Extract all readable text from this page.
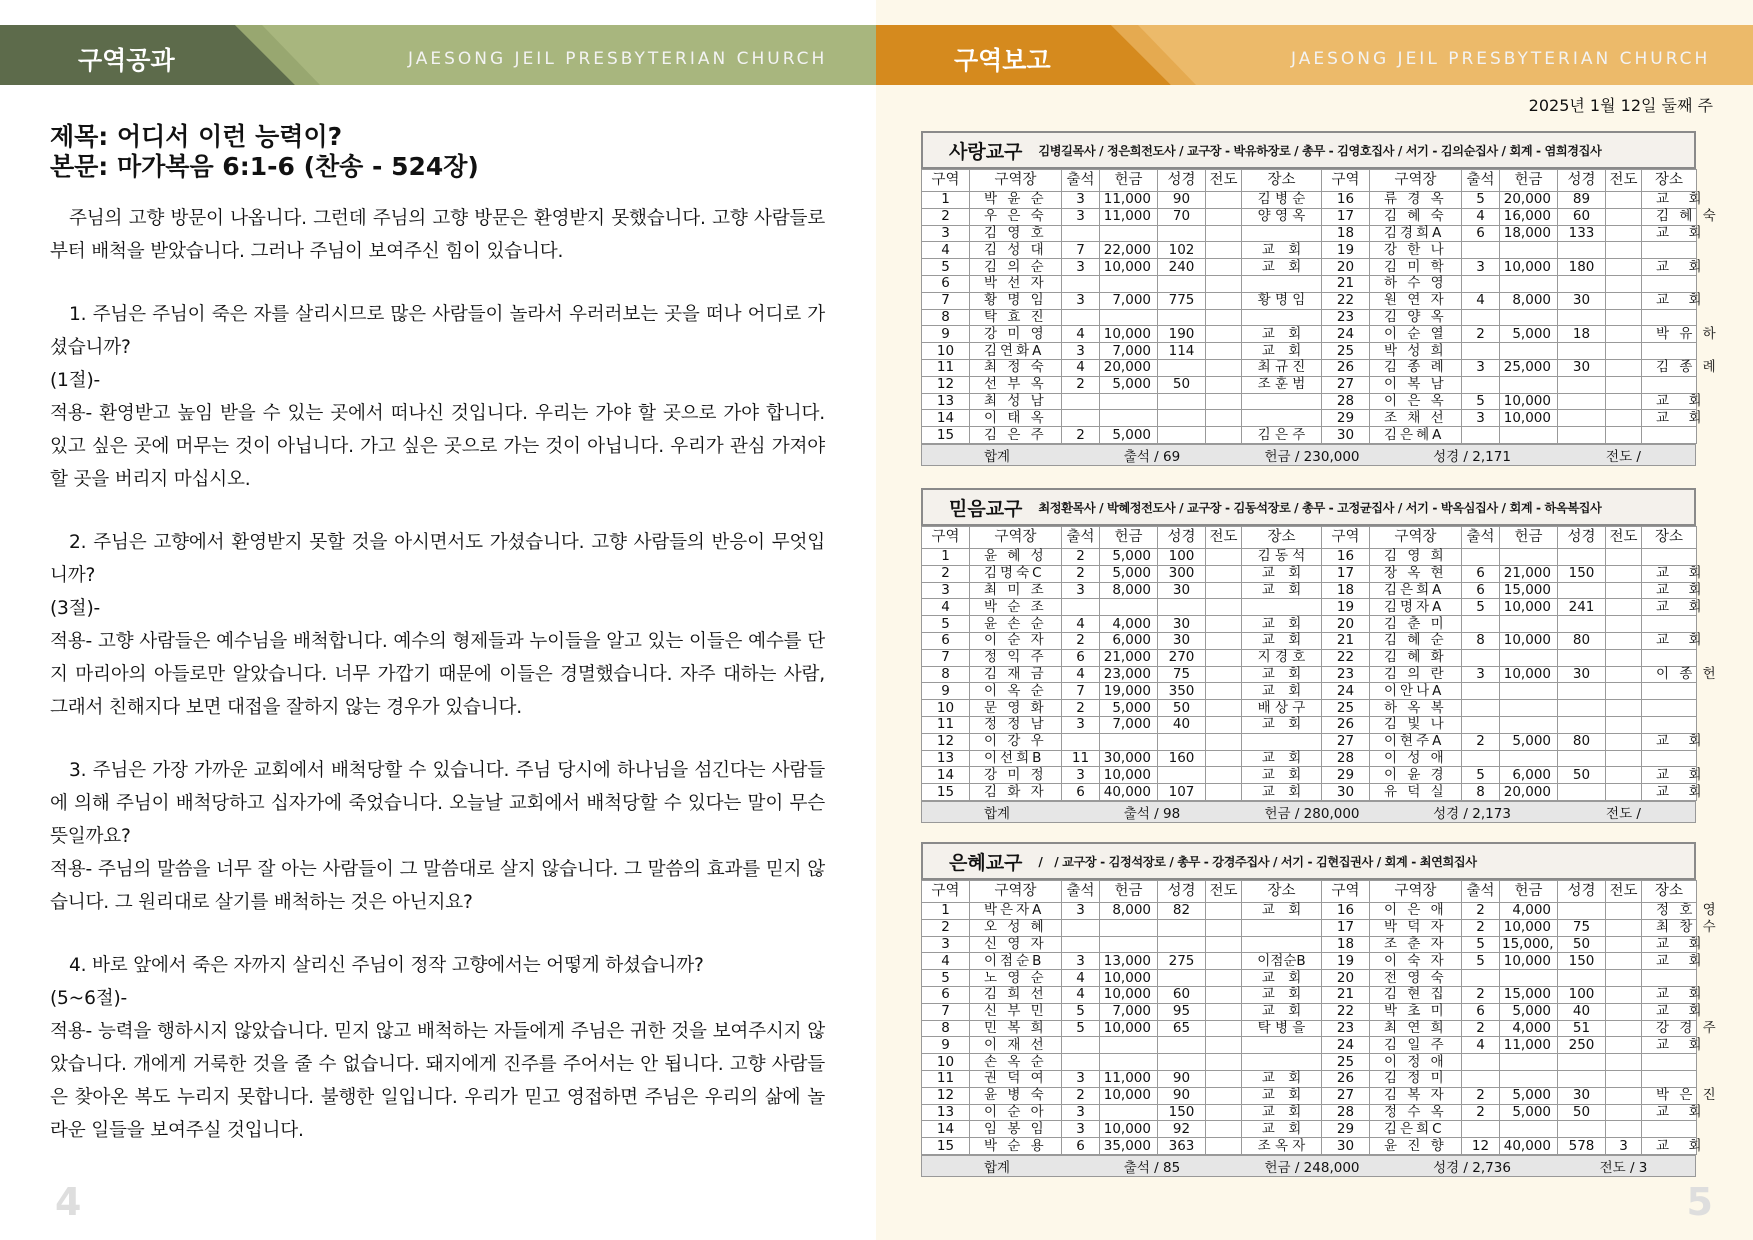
구역공과	JAESONG JEIL PRESBYTERIAN CHURCH
제목: 어디서 이런 능력이?
본문: 마가복음 6:1-6 (찬송 - 524장)

주님의 고향 방문이 나옵니다. 그런데 주님의 고향 방문은 환영받지 못했습니다. 고향 사람들로부터 배척을 받았습니다. 그러나 주님이 보여주신 힘이 있습니다.

1. 주님은 주님이 죽은 자를 살리시므로 많은 사람들이 놀라서 우러러보는 곳을 떠나 어디로 가셨습니까?

(1절)-

적용- 환영받고 높임 받을 수 있는 곳에서 떠나신 것입니다. 우리는 가야 할 곳으로 가야 합니다. 있고 싶은 곳에 머무는 것이 아닙니다. 가고 싶은 곳으로 가는 것이 아닙니다. 우리가 관심 가져야 할 곳을 버리지 마십시오.

2. 주님은 고향에서 환영받지 못할 것을 아시면서도 가셨습니다. 고향 사람들의 반응이 무엇입니까?

(3절)-

적용- 고향 사람들은 예수님을 배척합니다. 예수의 형제들과 누이들을 알고 있는 이들은 예수를 단지 마리아의 아들로만 알았습니다. 너무 가깝기 때문에 이들은 경멸했습니다. 자주 대하는 사람, 그래서 친해지다 보면 대접을 잘하지 않는 경우가 있습니다.

3. 주님은 가장 가까운 교회에서 배척당할 수 있습니다. 주님 당시에 하나님을 섬긴다는 사람들에 의해 주님이 배척당하고 십자가에 죽었습니다. 오늘날 교회에서 배척당할 수 있다는 말이 무슨 뜻일까요?

적용- 주님의 말씀을 너무 잘 아는 사람들이 그 말씀대로 살지 않습니다. 그 말씀의 효과를 믿지 않습니다. 그 원리대로 살기를 배척하는 것은 아닌지요?

4. 바로 앞에서 죽은 자까지 살리신 주님이 정작 고향에서는 어떻게 하셨습니까?

(5~6절)-

적용- 능력을 행하시지 않았습니다. 믿지 않고 배척하는 자들에게 주님은 귀한 것을 보여주시지 않았습니다. 개에게 거룩한 것을 줄 수 없습니다. 돼지에게 진주를 주어서는 안 됩니다. 고향 사람들은 찾아온 복도 누리지 못합니다. 불행한 일입니다. 우리가 믿고 영접하면 주님은 우리의 삶에 놀라운 일들을 보여주실 것입니다.

4
구역보고	JAESONG JEIL PRESBYTERIAN CHURCH
2025년 1월 12일 둘째 주
사랑교구 김병길목사 / 정은희전도사 / 교구장 - 박유하장로 / 총무 - 김영호집사 / 서기 - 김의순집사 / 회계 - 염희경집사
구역	구역장	출석	헌금	성경	전도	장소	구역	구역장	출석	헌금	성경	전도	장소
1	박 윤 순	3	11,000	90		김 병 순	16	류 경 옥	5	20,000	89		교　회
2	우 은 숙	3	11,000	70		양 영 옥	17	김 혜 숙	4	16,000	60		김 혜 숙
3	김 영 호						18	김경희A	6	18,000	133		교　회
4	김 성 대	7	22,000	102		교　회	19	강 한 나					
5	김 의 순	3	10,000	240		교　회	20	김 미 학	3	10,000	180		교　회
6	박 선 자						21	하 수 영					
7	황 명 임	3	7,000	775		황 명 임	22	원 연 자	4	8,000	30		교　회
8	탁 효 진						23	김 양 옥					
9	강 미 영	4	10,000	190		교　회	24	이 순 열	2	5,000	18		박 유 하
10	김연화A	3	7,000	114		교　회	25	박 성 희					
11	최 정 숙	4	20,000			최 규 진	26	김 종 례	3	25,000	30		김 종 례
12	선 부 옥	2	5,000	50		조 훈 범	27	이 복 남					
13	최 성 남						28	이 은 옥	5	10,000			교　회
14	이 태 옥						29	조 채 선	3	10,000			교　회
15	김 은 주	2	5,000			김 은 주	30	김은혜A					
합계	출석 / 69	헌금 / 230,000	성경 / 2,171	전도 /
믿음교구 최정환목사 / 박혜정전도사 / 교구장 - 김동석장로 / 총무 - 고정균집사 / 서기 - 박옥심집사 / 회계 - 하옥복집사
구역	구역장	출석	헌금	성경	전도	장소	구역	구역장	출석	헌금	성경	전도	장소
1	윤 혜 성	2	5,000	100		김 동 석	16	김 영 희					
2	김명숙C	2	5,000	300		교　회	17	장 옥 현	6	21,000	150		교　회
3	최 미 조	3	8,000	30		교　회	18	김은희A	6	15,000			교　회
4	박 순 조						19	김명자A	5	10,000	241		교　회
5	윤 손 순	4	4,000	30		교　회	20	김 춘 미					
6	이 순 자	2	6,000	30		교　회	21	김 혜 순	8	10,000	80		교　회
7	정 익 주	6	21,000	270		지 경 호	22	김 혜 화					
8	김 재 금	4	23,000	75		교　회	23	김 의 란	3	10,000	30		이 종 헌
9	이 옥 순	7	19,000	350		교　회	24	이안나A					
10	문 영 화	2	5,000	50		배 상 구	25	하 옥 복					
11	정 정 남	3	7,000	40		교　회	26	김 빛 나					
12	이 강 우						27	이현주A	2	5,000	80		교　회
13	이선희B	11	30,000	160		교　회	28	이 성 애					
14	강 미 정	3	10,000			교　회	29	이 윤 경	5	6,000	50		교　회
15	김 화 자	6	40,000	107		교　회	30	유 덕 실	8	20,000			교　회
합계	출석 / 98	헌금 / 280,000	성경 / 2,173	전도 /
은혜교구 /　/ 교구장 - 김정석장로 / 총무 - 강경주집사 / 서기 - 김현집권사 / 회계 - 최연희집사
구역	구역장	출석	헌금	성경	전도	장소	구역	구역장	출석	헌금	성경	전도	장소
1	박은자A	3	8,000	82		교　회	16	이 은 애	2	4,000			정 호 영
2	오 성 혜						17	박 덕 자	2	10,000	75		최 창 수
3	신 영 자						18	조 춘 자	5	15,000,	50		교　회
4	이점순B	3	13,000	275		이점순B	19	이 숙 자	5	10,000	150		교　회
5	노 영 순	4	10,000			교　회	20	전 영 숙					
6	김 희 선	4	10,000	60		교　회	21	김 현 집	2	15,000	100		교　회
7	신 부 민	5	7,000	95		교　회	22	박 초 미	6	5,000	40		교　회
8	민 복 희	5	10,000	65		탁 병 을	23	최 연 희	2	4,000	51		강 경 주
9	이 재 선						24	김 일 주	4	11,000	250		교　회
10	손 옥 순						25	이 정 애					
11	권 덕 여	3	11,000	90		교　회	26	김 정 미					
12	윤 병 숙	2	10,000	90		교　회	27	김 복 자	2	5,000	30		박 은 진
13	이 순 아	3		150		교　회	28	정 수 옥	2	5,000	50		교　회
14	임 봉 임	3	10,000	92		교　회	29	김은희C					
15	박 순 용	6	35,000	363		조 옥 자	30	윤 진 향	12	40,000	578	3	교　회
합계	출석 / 85	헌금 / 248,000	성경 / 2,736	전도 / 3
5
